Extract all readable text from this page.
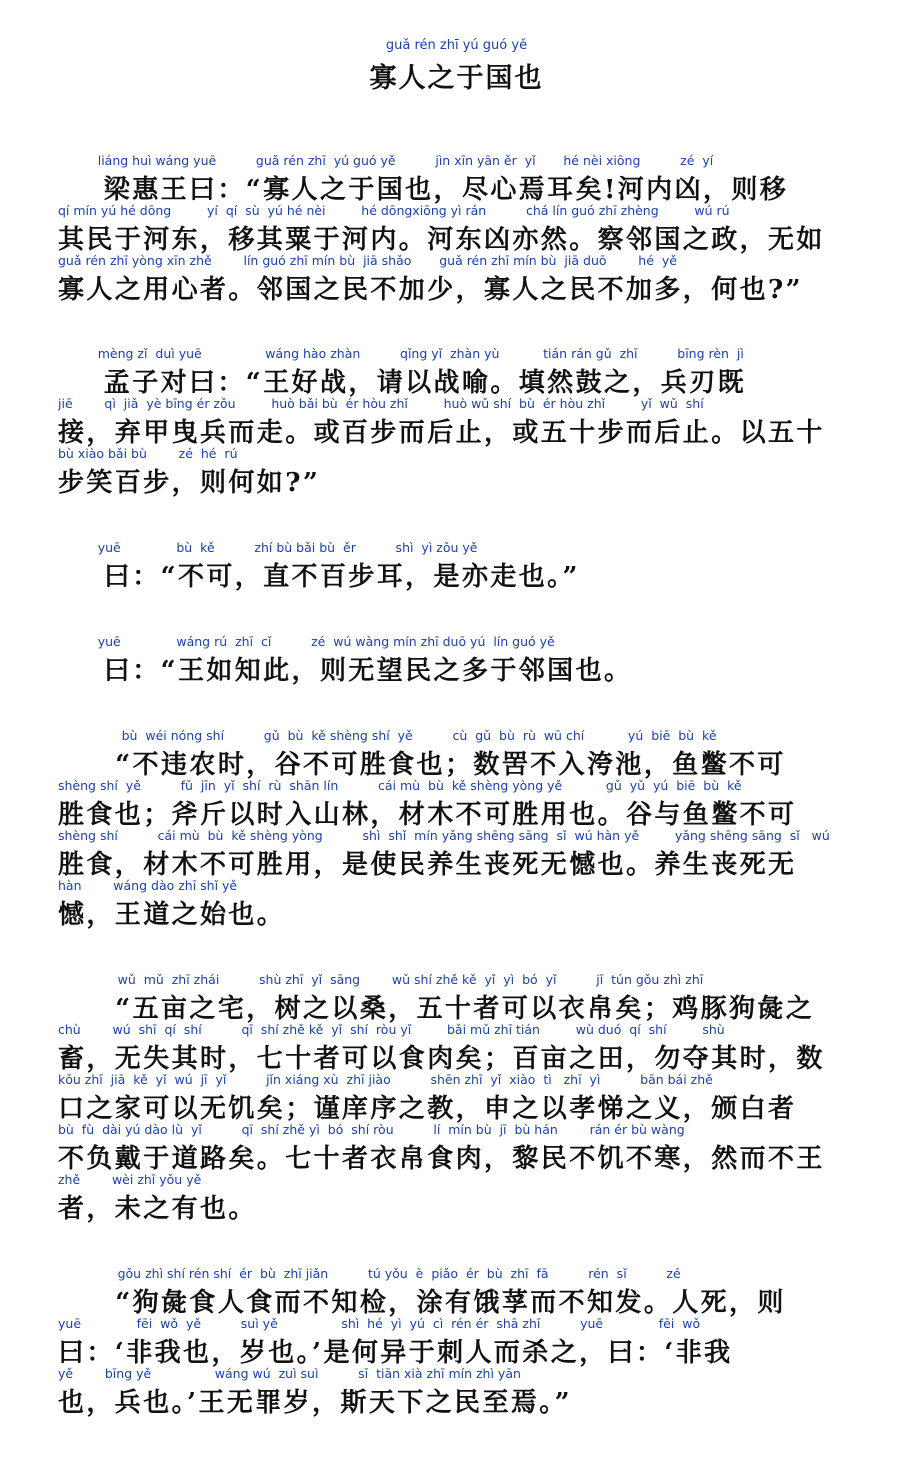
guǎ rén zhī yú guó yě
寡人之于国也
liáng huì wáng yuē          guǎ rén zhī  yú guó yě          jìn xīn yān ěr  yǐ       hé nèi xiōng          zé  yí
梁惠王曰：“寡人之于国也，尽心焉耳矣!河内凶，则移
qí mín yú hé dōng         yí  qí  sù  yú hé nèi         hé dōngxiōng yì rán          chá lín guó zhī zhèng         wú rú
其民于河东，移其粟于河内。河东凶亦然。察邻国之政，无如
guǎ rén zhī yòng xīn zhě        lín guó zhī mín bù  jiā shǎo       guǎ rén zhī mín bù  jiā duō        hé  yě
寡人之用心者。邻国之民不加少，寡人之民不加多，何也?”
mèng zǐ  duì yuē                wáng hào zhàn          qǐng yǐ  zhàn yù           tián rán gǔ  zhī          bīng rèn  jì
孟子对曰：“王好战，请以战喻。填然鼓之，兵刃既
jiē        qì  jiǎ  yè bīng ér zǒu         huò bǎi bù  ér hòu zhǐ         huò wǔ shí  bù  ér hòu zhǐ         yǐ  wǔ  shí
接，弃甲曳兵而走。或百步而后止，或五十步而后止。以五十
bù xiào bǎi bù        zé  hé  rú
步笑百步，则何如?”
yuē              bù  kě          zhí bù bǎi bù  ěr          shì  yì zǒu yě
曰：“不可，直不百步耳，是亦走也。”
yuē              wáng rú  zhī  cǐ          zé  wú wàng mín zhī duō yú  lín guó yě
曰：“王如知此，则无望民之多于邻国也。
bù  wéi nóng shí          gǔ  bù  kě shèng shí  yě          cù  gǔ  bù  rù  wū chí           yú  biē  bù  kě
“不违农时，谷不可胜食也；数罟不入洿池，鱼鳖不可
shèng shí  yě          fǔ  jīn  yǐ  shí  rù  shān lín          cái mù  bù  kě shèng yòng yě           gǔ  yǔ  yú  biē  bù  kě
胜食也；斧斤以时入山林，材木不可胜用也。谷与鱼鳖不可
shèng shí          cái mù  bù  kě shèng yòng          shì  shǐ  mín yǎng shēng sāng  sǐ  wú hàn yě         yǎng shēng sāng  sǐ   wú
胜食，材木不可胜用，是使民养生丧死无憾也。养生丧死无
hàn        wáng dào zhī shǐ yě
憾，王道之始也。
wǔ  mǔ  zhī zhái          shù zhī  yǐ  sāng        wǔ shí zhě kě  yǐ  yì  bó  yǐ          jī  tún gǒu zhì zhī
“五亩之宅，树之以桑，五十者可以衣帛矣；鸡豚狗彘之
chù        wú  shī  qí  shí          qī  shí zhě kě  yǐ  shí  ròu yǐ         bǎi mǔ zhī tián         wù duó  qí  shí         shù
畜，无失其时，七十者可以食肉矣；百亩之田，勿夺其时，数
kǒu zhī  jiā  kě  yǐ  wú  jī  yǐ          jǐn xiáng xù  zhī jiào          shēn zhī  yǐ  xiào  tì   zhī  yì          bān bái zhě
口之家可以无饥矣；谨庠序之教，申之以孝悌之义，颁白者
bù  fù  dài yú dào lù  yǐ          qī  shí zhě yì  bó  shí ròu          lí  mín bù  jī  bù hán        rán ér bù wàng
不负戴于道路矣。七十者衣帛食肉，黎民不饥不寒，然而不王
zhě        wèi zhī yǒu yě
者，未之有也。
gǒu zhì shí rén shí  ér  bù  zhī jiǎn          tú yǒu  è  piǎo  ér  bù  zhī  fā          rén  sǐ          zé
“狗彘食人食而不知检，涂有饿莩而不知发。人死，则
yuē              fēi  wǒ  yě          suì yě                shì  hé  yì  yú  cì  rén ér  shā zhī          yuē              fēi  wǒ
曰：‘非我也，岁也。’是何异于刺人而杀之，曰：‘非我
yě        bīng yě                wáng wú  zuì suì          sī  tiān xià zhī mín zhì yān
也，兵也。’王无罪岁，斯天下之民至焉。”
